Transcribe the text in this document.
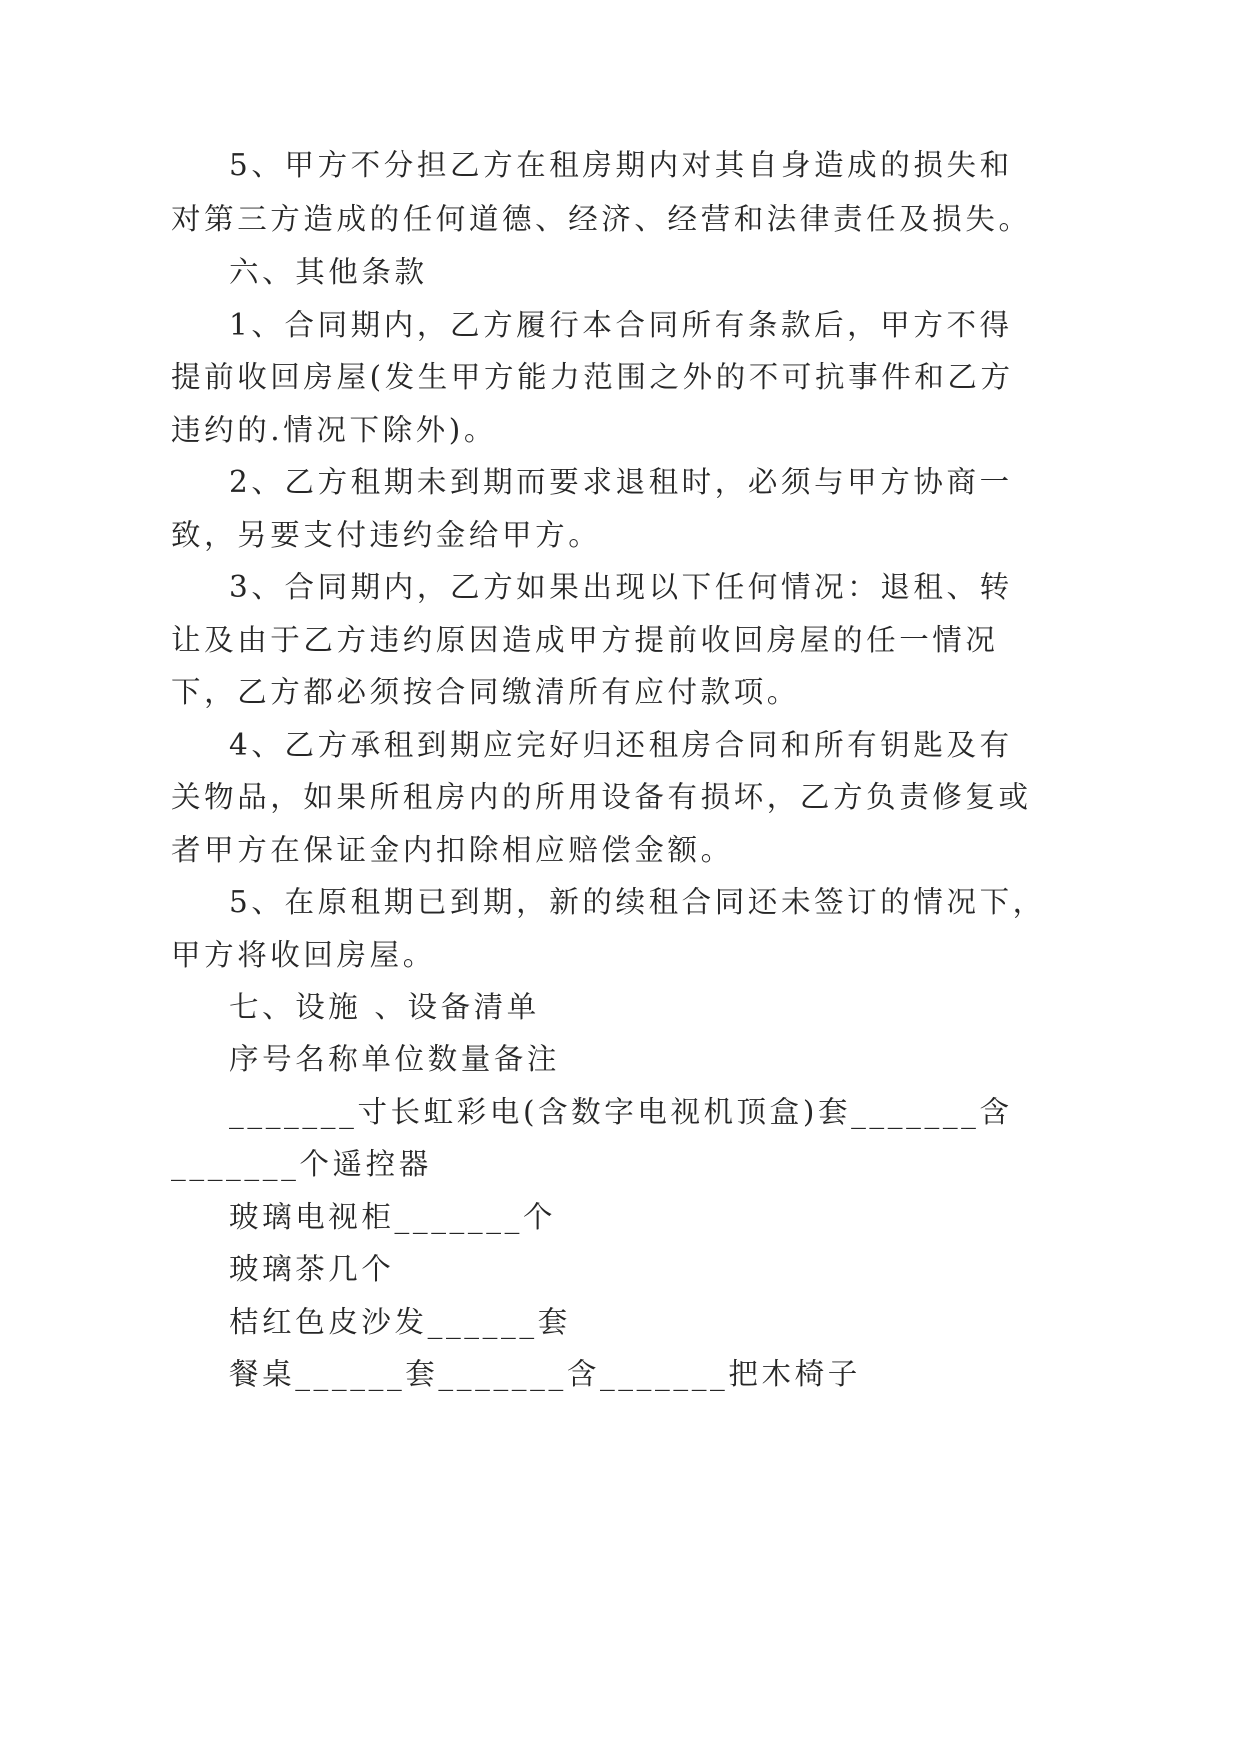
5、甲方不分担乙方在租房期内对其自身造成的损失和
对第三方造成的任何道德、经济、经营和法律责任及损失。
六、其他条款
1、合同期内，乙方履行本合同所有条款后，甲方不得
提前收回房屋(发生甲方能力范围之外的不可抗事件和乙方
违约的.情况下除外)。
2、乙方租期未到期而要求退租时，必须与甲方协商一
致，另要支付违约金给甲方。
3、合同期内，乙方如果出现以下任何情况：退租、转
让及由于乙方违约原因造成甲方提前收回房屋的任一情况
下，乙方都必须按合同缴清所有应付款项。
4、乙方承租到期应完好归还租房合同和所有钥匙及有
关物品，如果所租房内的所用设备有损坏，乙方负责修复或
者甲方在保证金内扣除相应赔偿金额。
5、在原租期已到期，新的续租合同还未签订的情况下，
甲方将收回房屋。
七、设施 、设备清单
序号名称单位数量备注
_______寸长虹彩电(含数字电视机顶盒)套_______含
_______个遥控器
玻璃电视柜_______个
玻璃茶几个
桔红色皮沙发______套
餐桌______套_______含_______把木椅子
